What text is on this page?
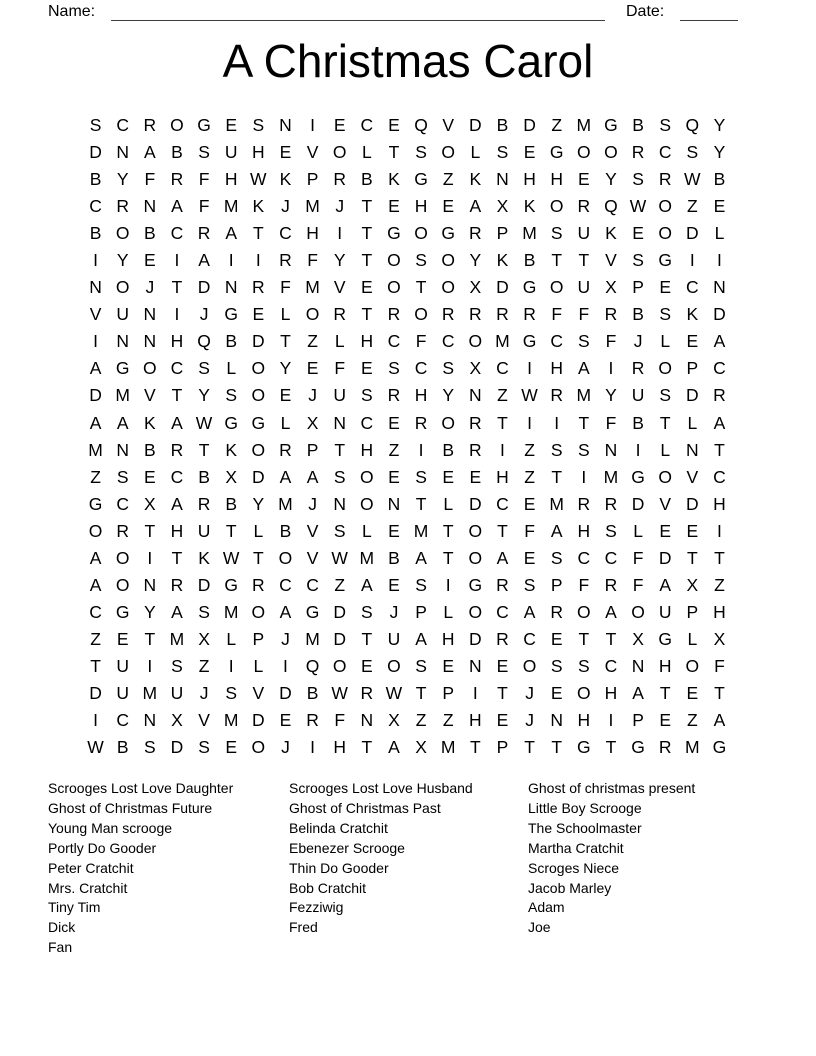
Name:	Date:
A Christmas Carol
S C R O G E S N	I	E C E Q V D B D Z M G B S Q Y
D N A B S U H E V O L T S O L S E G O O R C S Y
B Y F R F H W K P R B K G Z K N H H E Y S R W B
C R N A F M K J M J T E H E A X K O R Q W O Z E
B O B C R A T C H	I	T G O G R P M S U K E O D L
I	Y E	I	A	I	I	R F Y T O S O Y K B T T V S G	I	I
N O J T D N R F M V E O T O X D G O U X P E C N
V U N	I	J G E L O R T R O R R R R F F R B S K D
I	N N H Q B D T Z L H C F C O M G C S F J	L E A
A G O C S L O Y E F E S C S X C	I	H A	I	R O P C
D M V T Y S O E J U S R H Y N Z W R M Y U S D R
A A K A W G G L X N C E R O R T	I	I	T F B T L A
M N B R T K O R P T H Z	I	B R	I	Z S S N	I	L N T
Z S E C B X D A A S O E S E E H Z T	I M G O V C
G C X A R B Y M J N O N T L D C E M R R D V D H
O R T H U T L B V S L E M T O T F A H S L E E	I
A O	I	T K W T O V W M B A T O A E S C C F D T T
A O N R D G R C C Z A E S	I	G R S P F R F A X Z
C G Y A S M O A G D S J P L O C A R O A O U P H
Z E T M X L P J M D T U A H D R C E T T X G L X
T U	I	S Z	I	L	I	Q O E O S E N E O S S C N H O F
D U M U J S V D B W R W T P	I	T J E O H A T E T
I	C N X V M D E R F N X Z Z H E J N H	I	P E Z A
W B S D S E O J	I	H T A X M T P T T G T G R M G
Scrooges Lost Love Daughter
Ghost of Christmas Future
Young Man scrooge
Portly Do Gooder
Peter Cratchit
Mrs. Cratchit
Tiny Tim
Dick
Fan
Scrooges Lost Love Husband
Ghost of Christmas Past
Belinda Cratchit
Ebenezer Scrooge
Thin Do Gooder
Bob Cratchit
Fezziwig
Fred
Ghost of christmas present
Little Boy Scrooge
The Schoolmaster
Martha Cratchit
Scroges Niece
Jacob Marley
Adam
Joe
